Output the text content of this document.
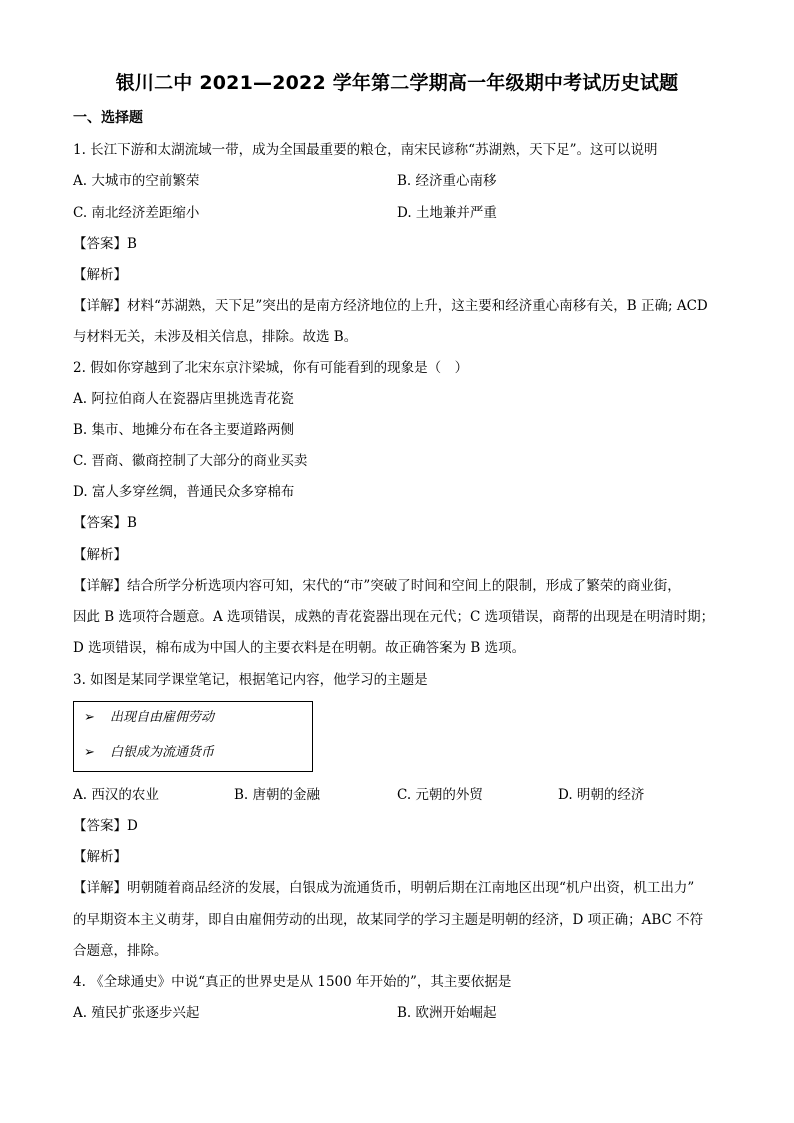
银川二中 2021—2022 学年第二学期高一年级期中考试历史试题
一、选择题
1. 长江下游和太湖流域一带，成为全国最重要的粮仓，南宋民谚称“苏湖熟，天下足”。这可以说明
A. 大城市的空前繁荣	B. 经济重心南移
C. 南北经济差距缩小	D. 土地兼并严重
【答案】B
【解析】
【详解】材料“苏湖熟，天下足”突出的是南方经济地位的上升，这主要和经济重心南移有关，B 正确; ACD
与材料无关，未涉及相关信息，排除。故选 B。
2. 假如你穿越到了北宋东京汴梁城，你有可能看到的现象是（　）
A. 阿拉伯商人在瓷器店里挑选青花瓷
B. 集市、地摊分布在各主要道路两侧
C. 晋商、徽商控制了大部分的商业买卖
D. 富人多穿丝绸，普通民众多穿棉布
【答案】B
【解析】
【详解】结合所学分析选项内容可知，宋代的“市”突破了时间和空间上的限制，形成了繁荣的商业街，
因此 B 选项符合题意。A 选项错误，成熟的青花瓷器出现在元代；C 选项错误，商帮的出现是在明清时期；
D 选项错误，棉布成为中国人的主要衣料是在明朝。故正确答案为 B 选项。
3. 如图是某同学课堂笔记，根据笔记内容，他学习的主题是
➢ 出现自由雇佣劳动
➢ 白银成为流通货币
A. 西汉的农业	B. 唐朝的金融	C. 元朝的外贸	D. 明朝的经济
【答案】D
【解析】
【详解】明朝随着商品经济的发展，白银成为流通货币，明朝后期在江南地区出现“机户出资，机工出力”
的早期资本主义萌芽，即自由雇佣劳动的出现，故某同学的学习主题是明朝的经济，D 项正确；ABC 不符
合题意，排除。
4. 《全球通史》中说“真正的世界史是从 1500 年开始的”，其主要依据是
A. 殖民扩张逐步兴起	B. 欧洲开始崛起
